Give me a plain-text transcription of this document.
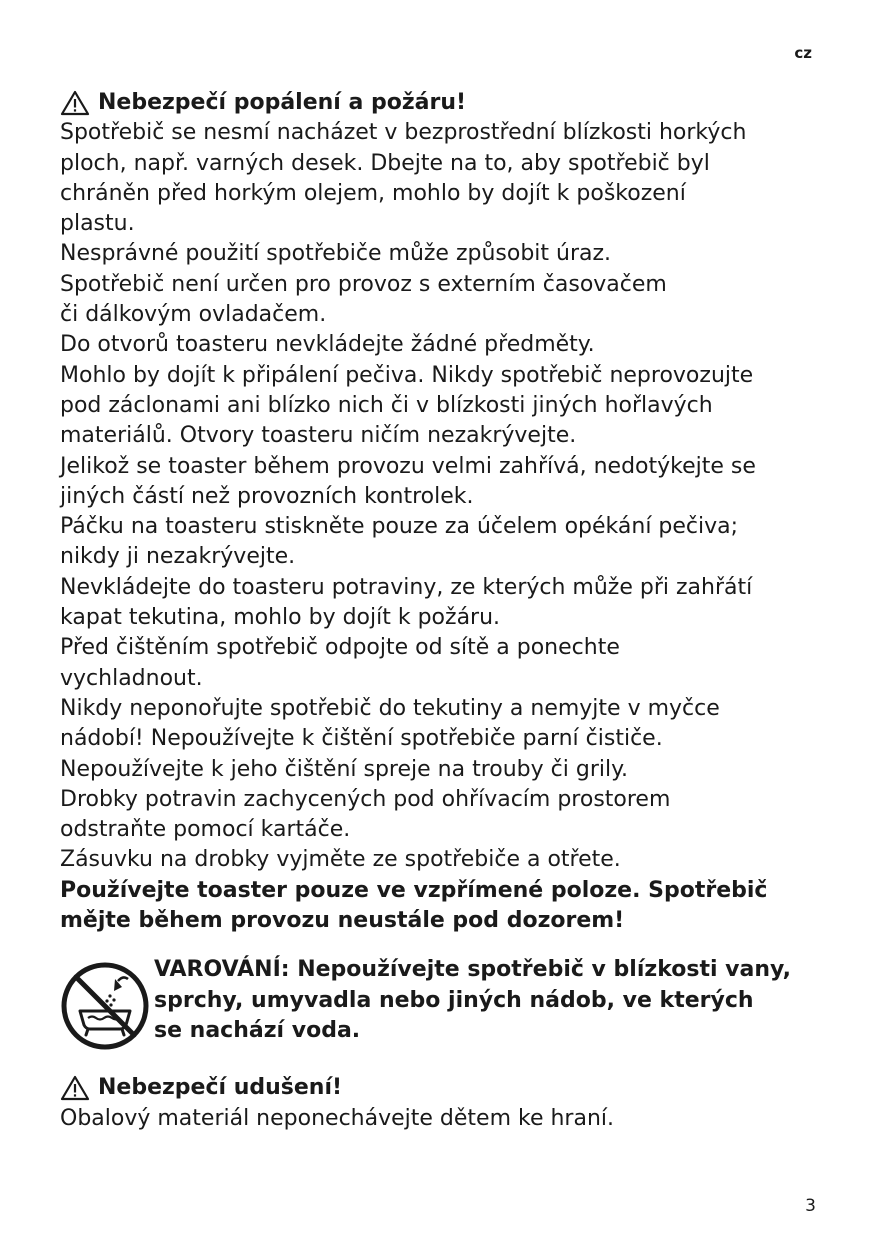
cz
Nebezpečí popálení a požáru!
Spotřebič se nesmí nacházet v bezprostřední blízkosti horkých
ploch, např. varných desek. Dbejte na to, aby spotřebič byl
chráněn před horkým olejem, mohlo by dojít k poškození
plastu.
Nesprávné použití spotřebiče může způsobit úraz.
Spotřebič není určen pro provoz s externím časovačem
či dálkovým ovladačem.
Do otvorů toasteru nevkládejte žádné předměty.
Mohlo by dojít k připálení pečiva. Nikdy spotřebič neprovozujte
pod záclonami ani blízko nich či v blízkosti jiných hořlavých
materiálů. Otvory toasteru ničím nezakrývejte.
Jelikož se toaster během provozu velmi zahřívá, nedotýkejte se
jiných částí než provozních kontrolek.
Páčku na toasteru stiskněte pouze za účelem opékání pečiva;
nikdy ji nezakrývejte.
Nevkládejte do toasteru potraviny, ze kterých může při zahřátí
kapat tekutina, mohlo by dojít k požáru.
Před čištěním spotřebič odpojte od sítě a ponechte
vychladnout.
Nikdy neponořujte spotřebič do tekutiny a nemyjte v myčce
nádobí! Nepoužívejte k čištění spotřebiče parní čističe.
Nepoužívejte k jeho čištění spreje na trouby či grily.
Drobky potravin zachycených pod ohřívacím prostorem
odstraňte pomocí kartáče.
Zásuvku na drobky vyjměte ze spotřebiče a otřete.
Používejte toaster pouze ve vzpřímené poloze. Spotřebič
mějte během provozu neustále pod dozorem!
VAROVÁNÍ: Nepoužívejte spotřebič v blízkosti vany,
sprchy, umyvadla nebo jiných nádob, ve kterých
se nachází voda.
Nebezpečí udušení!
Obalový materiál neponechávejte dětem ke hraní.
3
